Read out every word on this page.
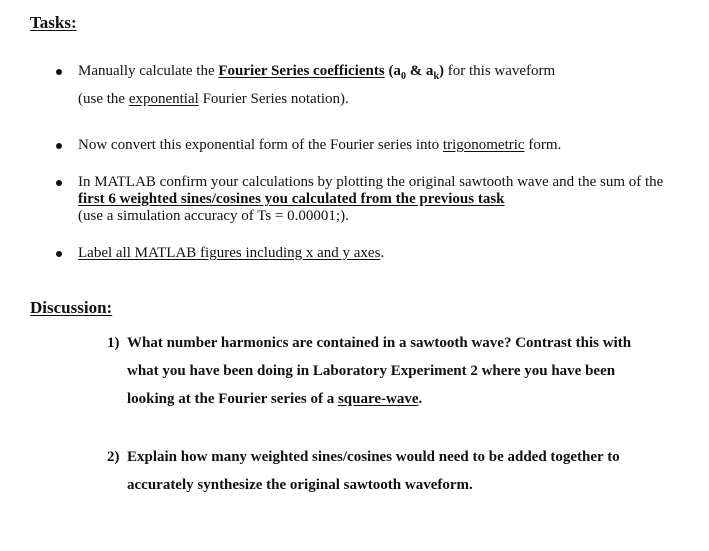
Tasks:
Manually calculate the Fourier Series coefficients ($a_0$ & $a_k$) for this waveform
(use the exponential Fourier Series notation).
Now convert this exponential form of the Fourier series into trigonometric form.
In MATLAB confirm your calculations by plotting the original sawtooth wave and the sum of the first 6 weighted sines/cosines you calculated from the previous task
(use a simulation accuracy of Ts = 0.00001;).
Label all MATLAB figures including x and y axes.
Discussion:
1) What number harmonics are contained in a sawtooth wave? Contrast this with what you have been doing in Laboratory Experiment 2 where you have been looking at the Fourier series of a square-wave.
2) Explain how many weighted sines/cosines would need to be added together to accurately synthesize the original sawtooth waveform.
